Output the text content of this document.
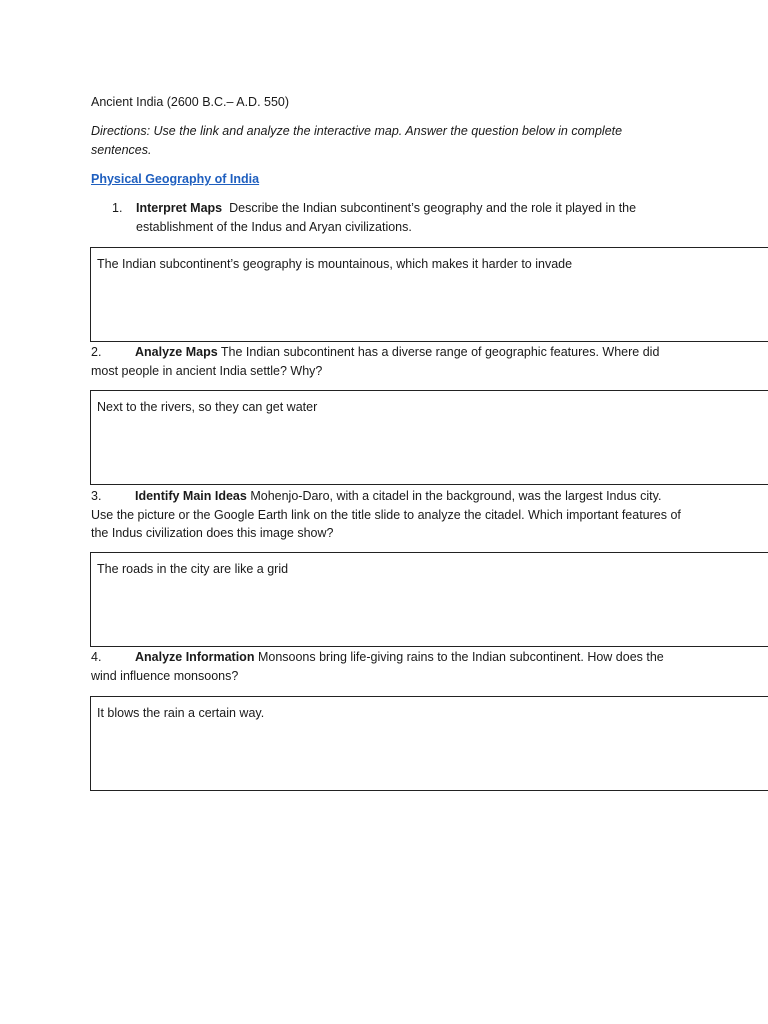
Ancient India (2600 B.C.– A.D. 550)
Directions: Use the link and analyze the interactive map. Answer the question below in complete sentences.
Physical Geography of India
1. Interpret Maps Describe the Indian subcontinent’s geography and the role it played in the establishment of the Indus and Aryan civilizations.
The Indian subcontinent’s geography is mountainous, which makes it harder to invade
2.	Analyze Maps The Indian subcontinent has a diverse range of geographic features. Where did most people in ancient India settle? Why?
Next to the rivers, so they can get water
3.	Identify Main Ideas Mohenjo-Daro, with a citadel in the background, was the largest Indus city. Use the picture or the Google Earth link on the title slide to analyze the citadel. Which important features of the Indus civilization does this image show?
The roads in the city are like a grid
4.	Analyze Information Monsoons bring life-giving rains to the Indian subcontinent. How does the wind influence monsoons?
It blows the rain a certain way.
